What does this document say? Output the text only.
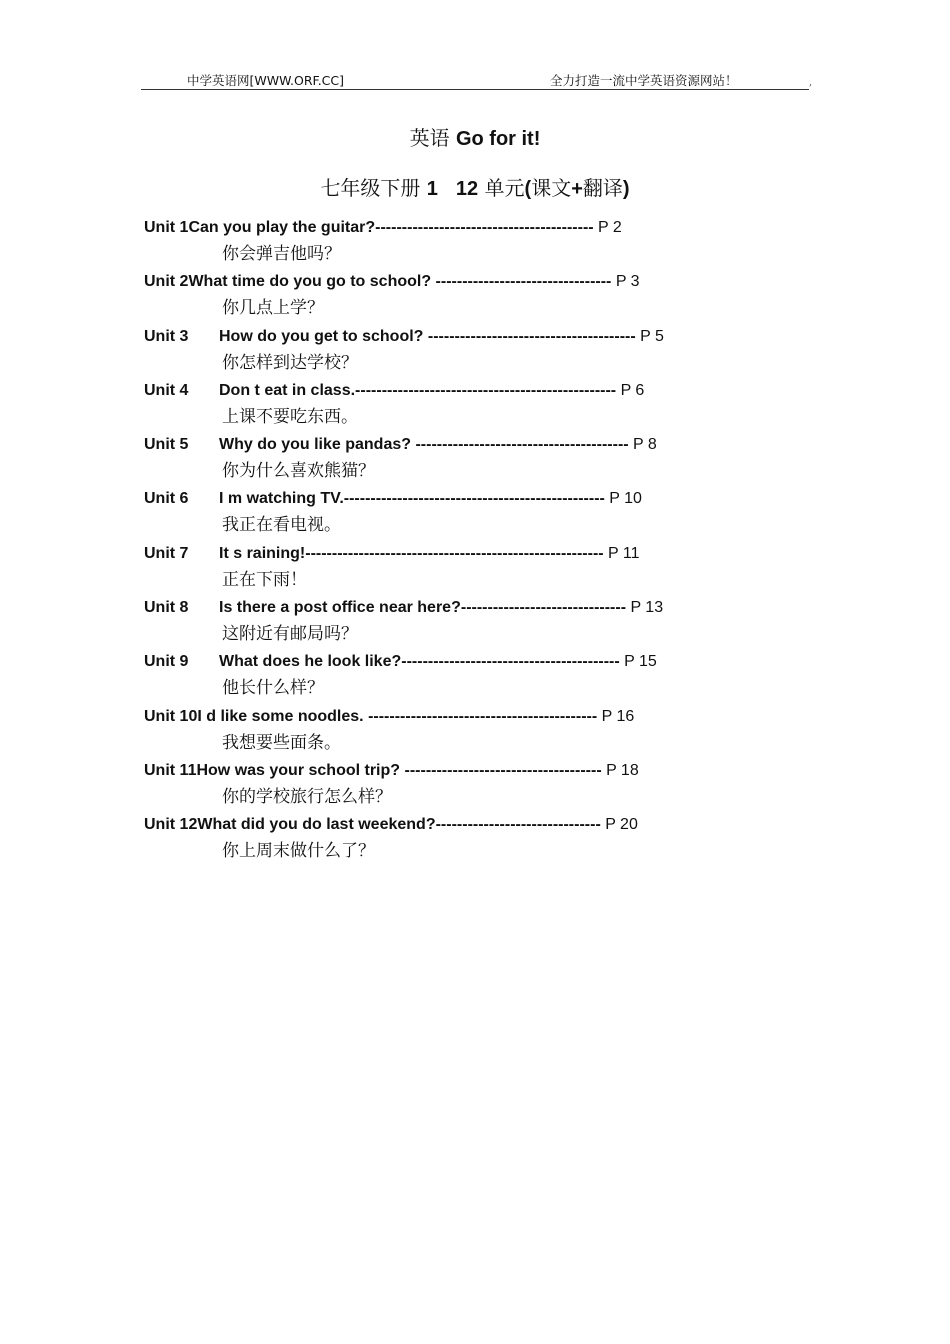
中学英语网[WWW.ORF.CC]	全力打造一流中学英语资源网站！	,
英语 Go for it!
七年级下册 1 12 单元(课文+翻译)
Unit 1Can you play the guitar?----------------------------------------- P 2
你会弹吉他吗？
Unit 2What time do you go to school? --------------------------------- P 3
你几点上学？
Unit 3 How do you get to school? --------------------------------------- P 5
你怎样到达学校？
Unit 4 Don t eat in class.------------------------------------------------- P 6
上课不要吃东西。
Unit 5 Why do you like pandas? ---------------------------------------- P 8
你为什么喜欢熊猫？
Unit 6 I m watching TV.------------------------------------------------- P 10
我正在看电视。
Unit 7 It s raining!-------------------------------------------------------- P 11
正在下雨！
Unit 8 Is there a post office near here?------------------------------- P 13
这附近有邮局吗？
Unit 9 What does he look like?----------------------------------------- P 15
他长什么样？
Unit 10I d like some noodles. ------------------------------------------- P 16
我想要些面条。
Unit 11How was your school trip? ------------------------------------- P 18
你的学校旅行怎么样？
Unit 12What did you do last weekend?------------------------------- P 20
你上周末做什么了？
